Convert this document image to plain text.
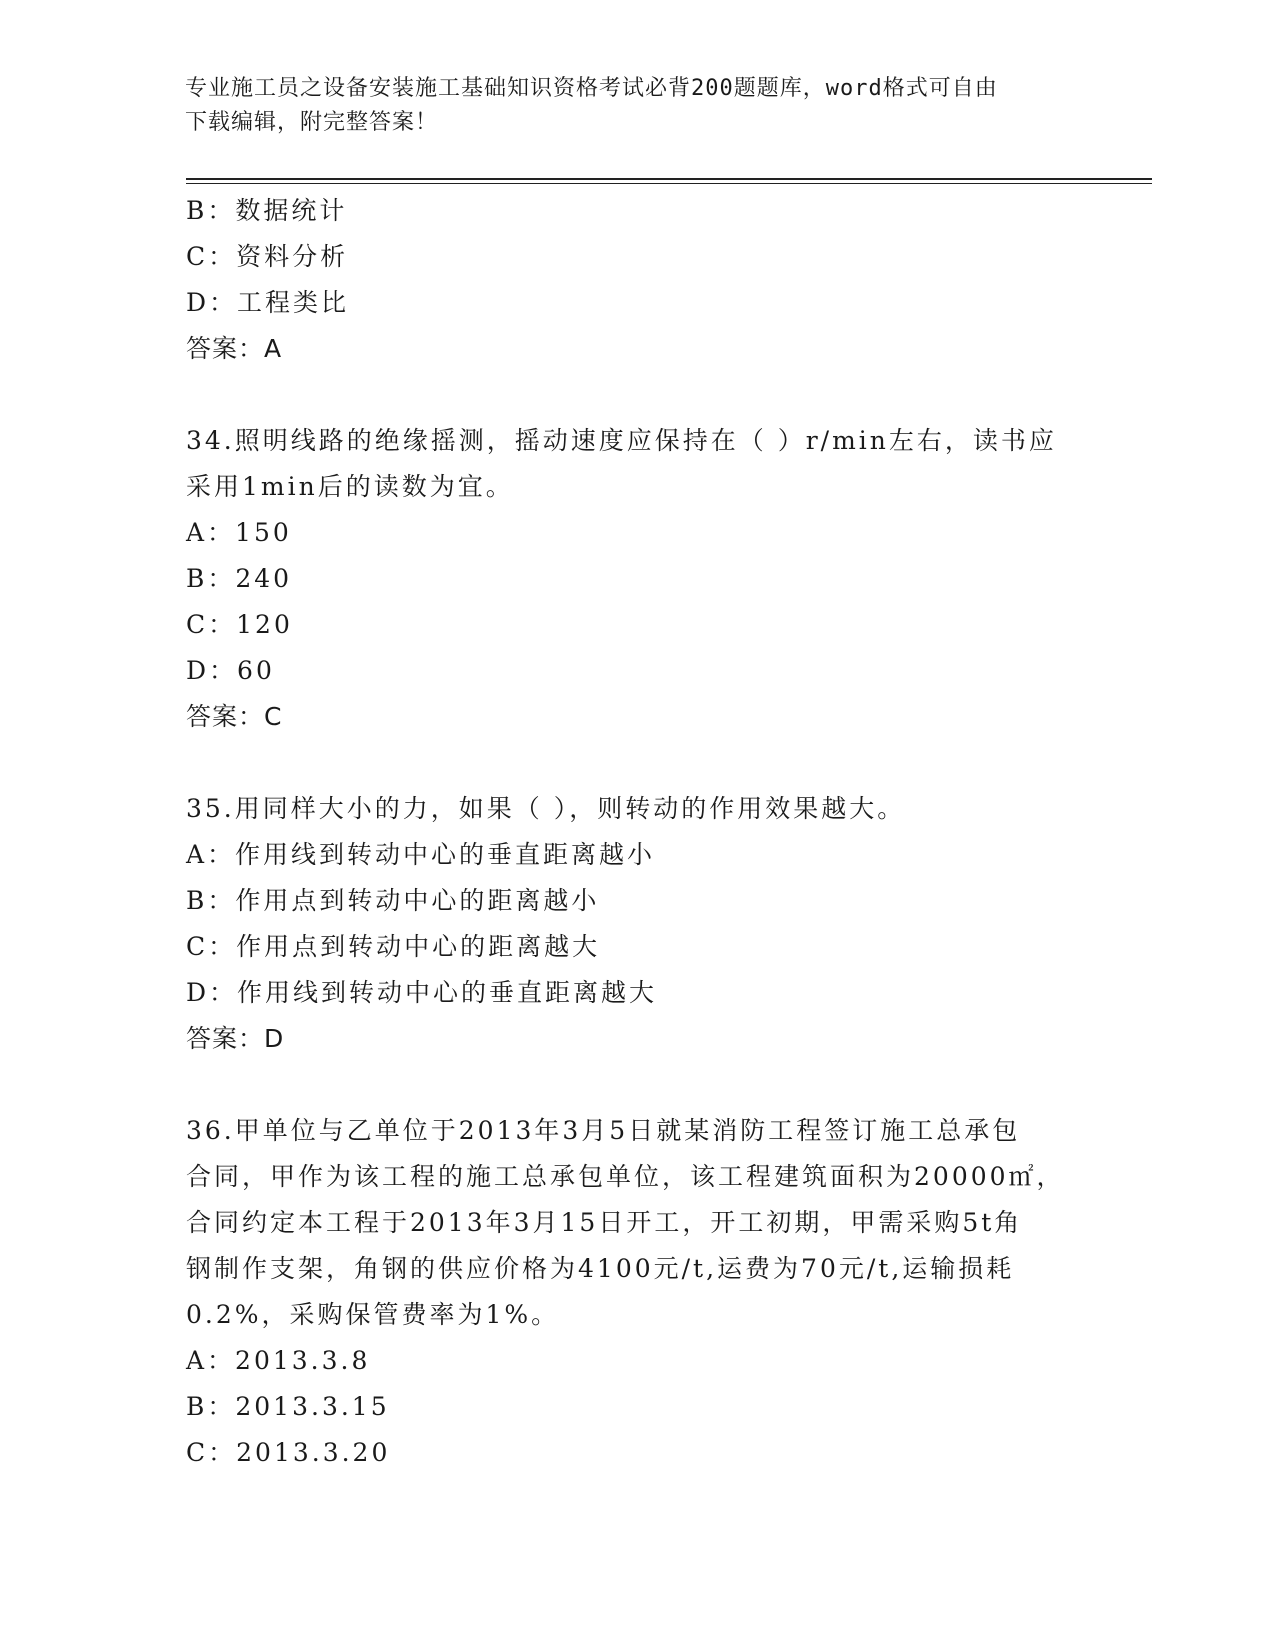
专业施工员之设备安装施工基础知识资格考试必背200题题库，word格式可自由
下载编辑，附完整答案！
B：数据统计
C：资料分析
D：工程类比
答案：A
34.照明线路的绝缘摇测，摇动速度应保持在（ ）r/min左右，读书应
采用1min后的读数为宜。
A：150
B：240
C：120
D：60
答案：C
35.用同样大小的力，如果（ ），则转动的作用效果越大。
A：作用线到转动中心的垂直距离越小
B：作用点到转动中心的距离越小
C：作用点到转动中心的距离越大
D：作用线到转动中心的垂直距离越大
答案：D
36.甲单位与乙单位于2013年3月5日就某消防工程签订施工总承包
合同，甲作为该工程的施工总承包单位，该工程建筑面积为20000㎡，
合同约定本工程于2013年3月15日开工，开工初期，甲需采购5t角
钢制作支架，角钢的供应价格为4100元/t,运费为70元/t,运输损耗
0.2%，采购保管费率为1%。
A：2013.3.8
B：2013.3.15
C：2013.3.20
